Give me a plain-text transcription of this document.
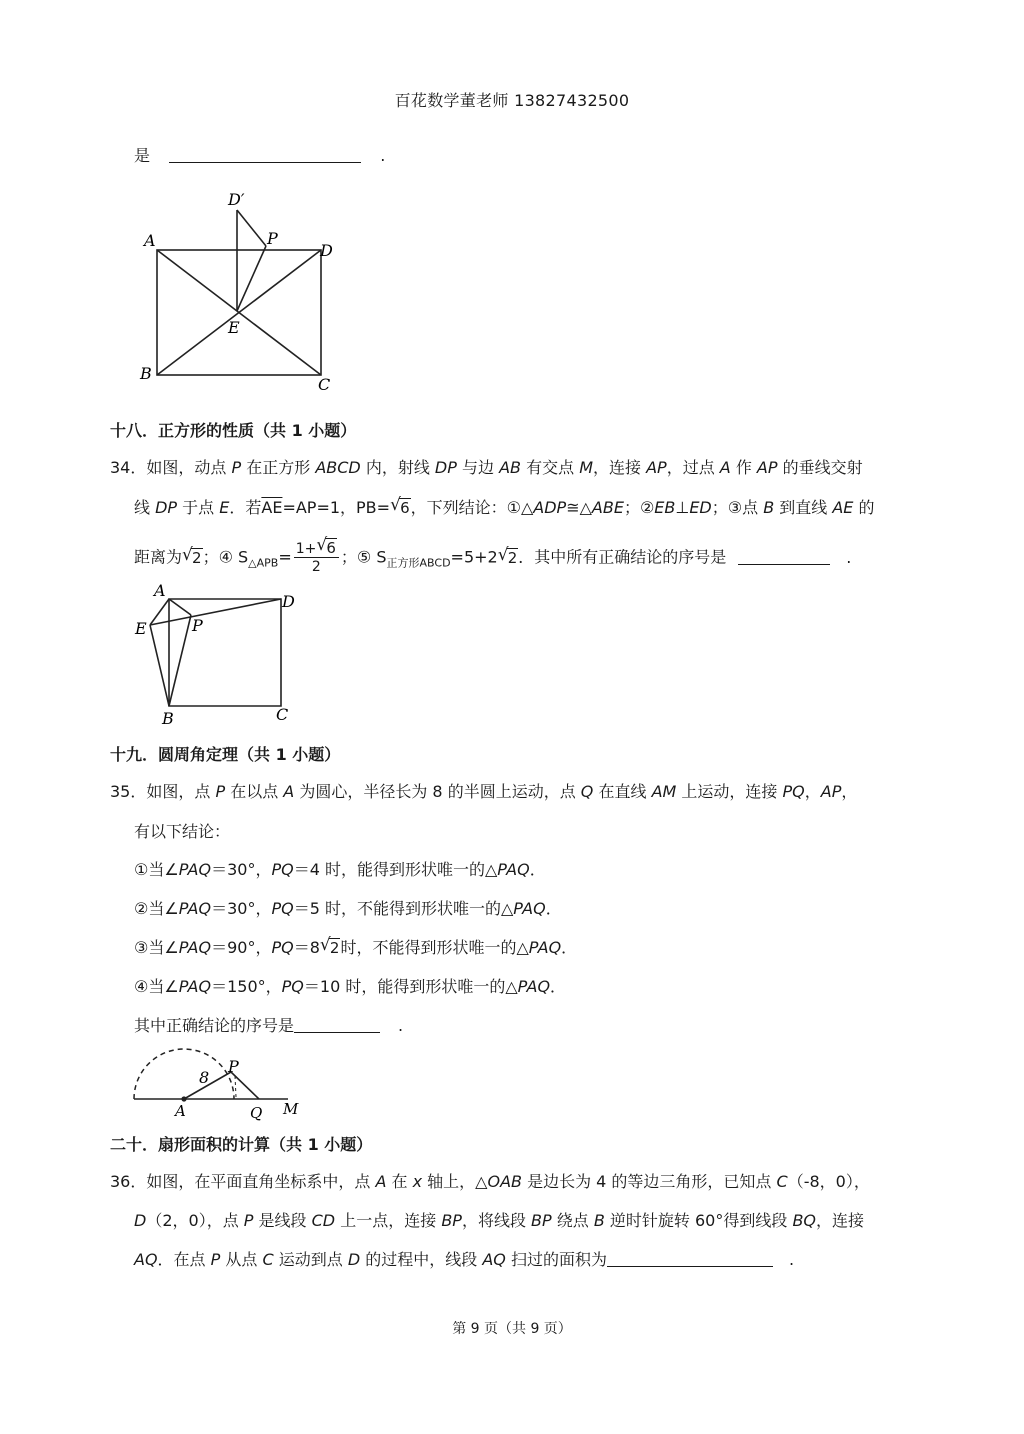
百花数学董老师 13827432500
是	.
D′
P
A
D
E
B
C
十八．正方形的性质（共 1 小题）
34．如图，动点 P 在正方形 ABCD 内，射线 DP 与边 AB 有交点 M，连接 AP，过点 A 作 AP 的垂线交射
线 DP 于点 E．若$\overline{AE}=AP=1$，PB= √ 6，下列结论：①△ADP≅△ABE；②EB⊥ED；③点 B 到直线 AE 的
距离为 √ 2；④ $S_{\triangle APB}= \frac{1+ √ 6}{2}$ ；⑤ $S_{正方形ABCD}=5+2$ √ 2．其中所有正确结论的序号是	.
A
D
E	P
B	C
十九．圆周角定理（共 1 小题）
35．如图，点 P 在以点 A 为圆心，半径长为 8 的半圆上运动，点 Q 在直线 AM 上运动，连接 PQ，AP，
有以下结论：
①当∠PAQ＝30°，PQ＝4 时，能得到形状唯一的△PAQ．
②当∠PAQ＝30°，PQ＝5 时，不能得到形状唯一的△PAQ．
③当∠PAQ＝90°，PQ＝8 √ 2时，不能得到形状唯一的△PAQ．
④当∠PAQ＝150°，PQ＝10 时，能得到形状唯一的△PAQ．
其中正确结论的序号是	.
8
P
A	Q M
二十．扇形面积的计算（共 1 小题）
36．如图，在平面直角坐标系中，点 A 在 x 轴上，△OAB 是边长为 4 的等边三角形，已知点 C（-8，0），
D（2，0），点 P 是线段 CD 上一点，连接 BP，将线段 BP 绕点 B 逆时针旋转 60°得到线段 BQ，连接
AQ．在点 P 从点 C 运动到点 D 的过程中，线段 AQ 扫过的面积为	.
第 9 页（共 9 页）
